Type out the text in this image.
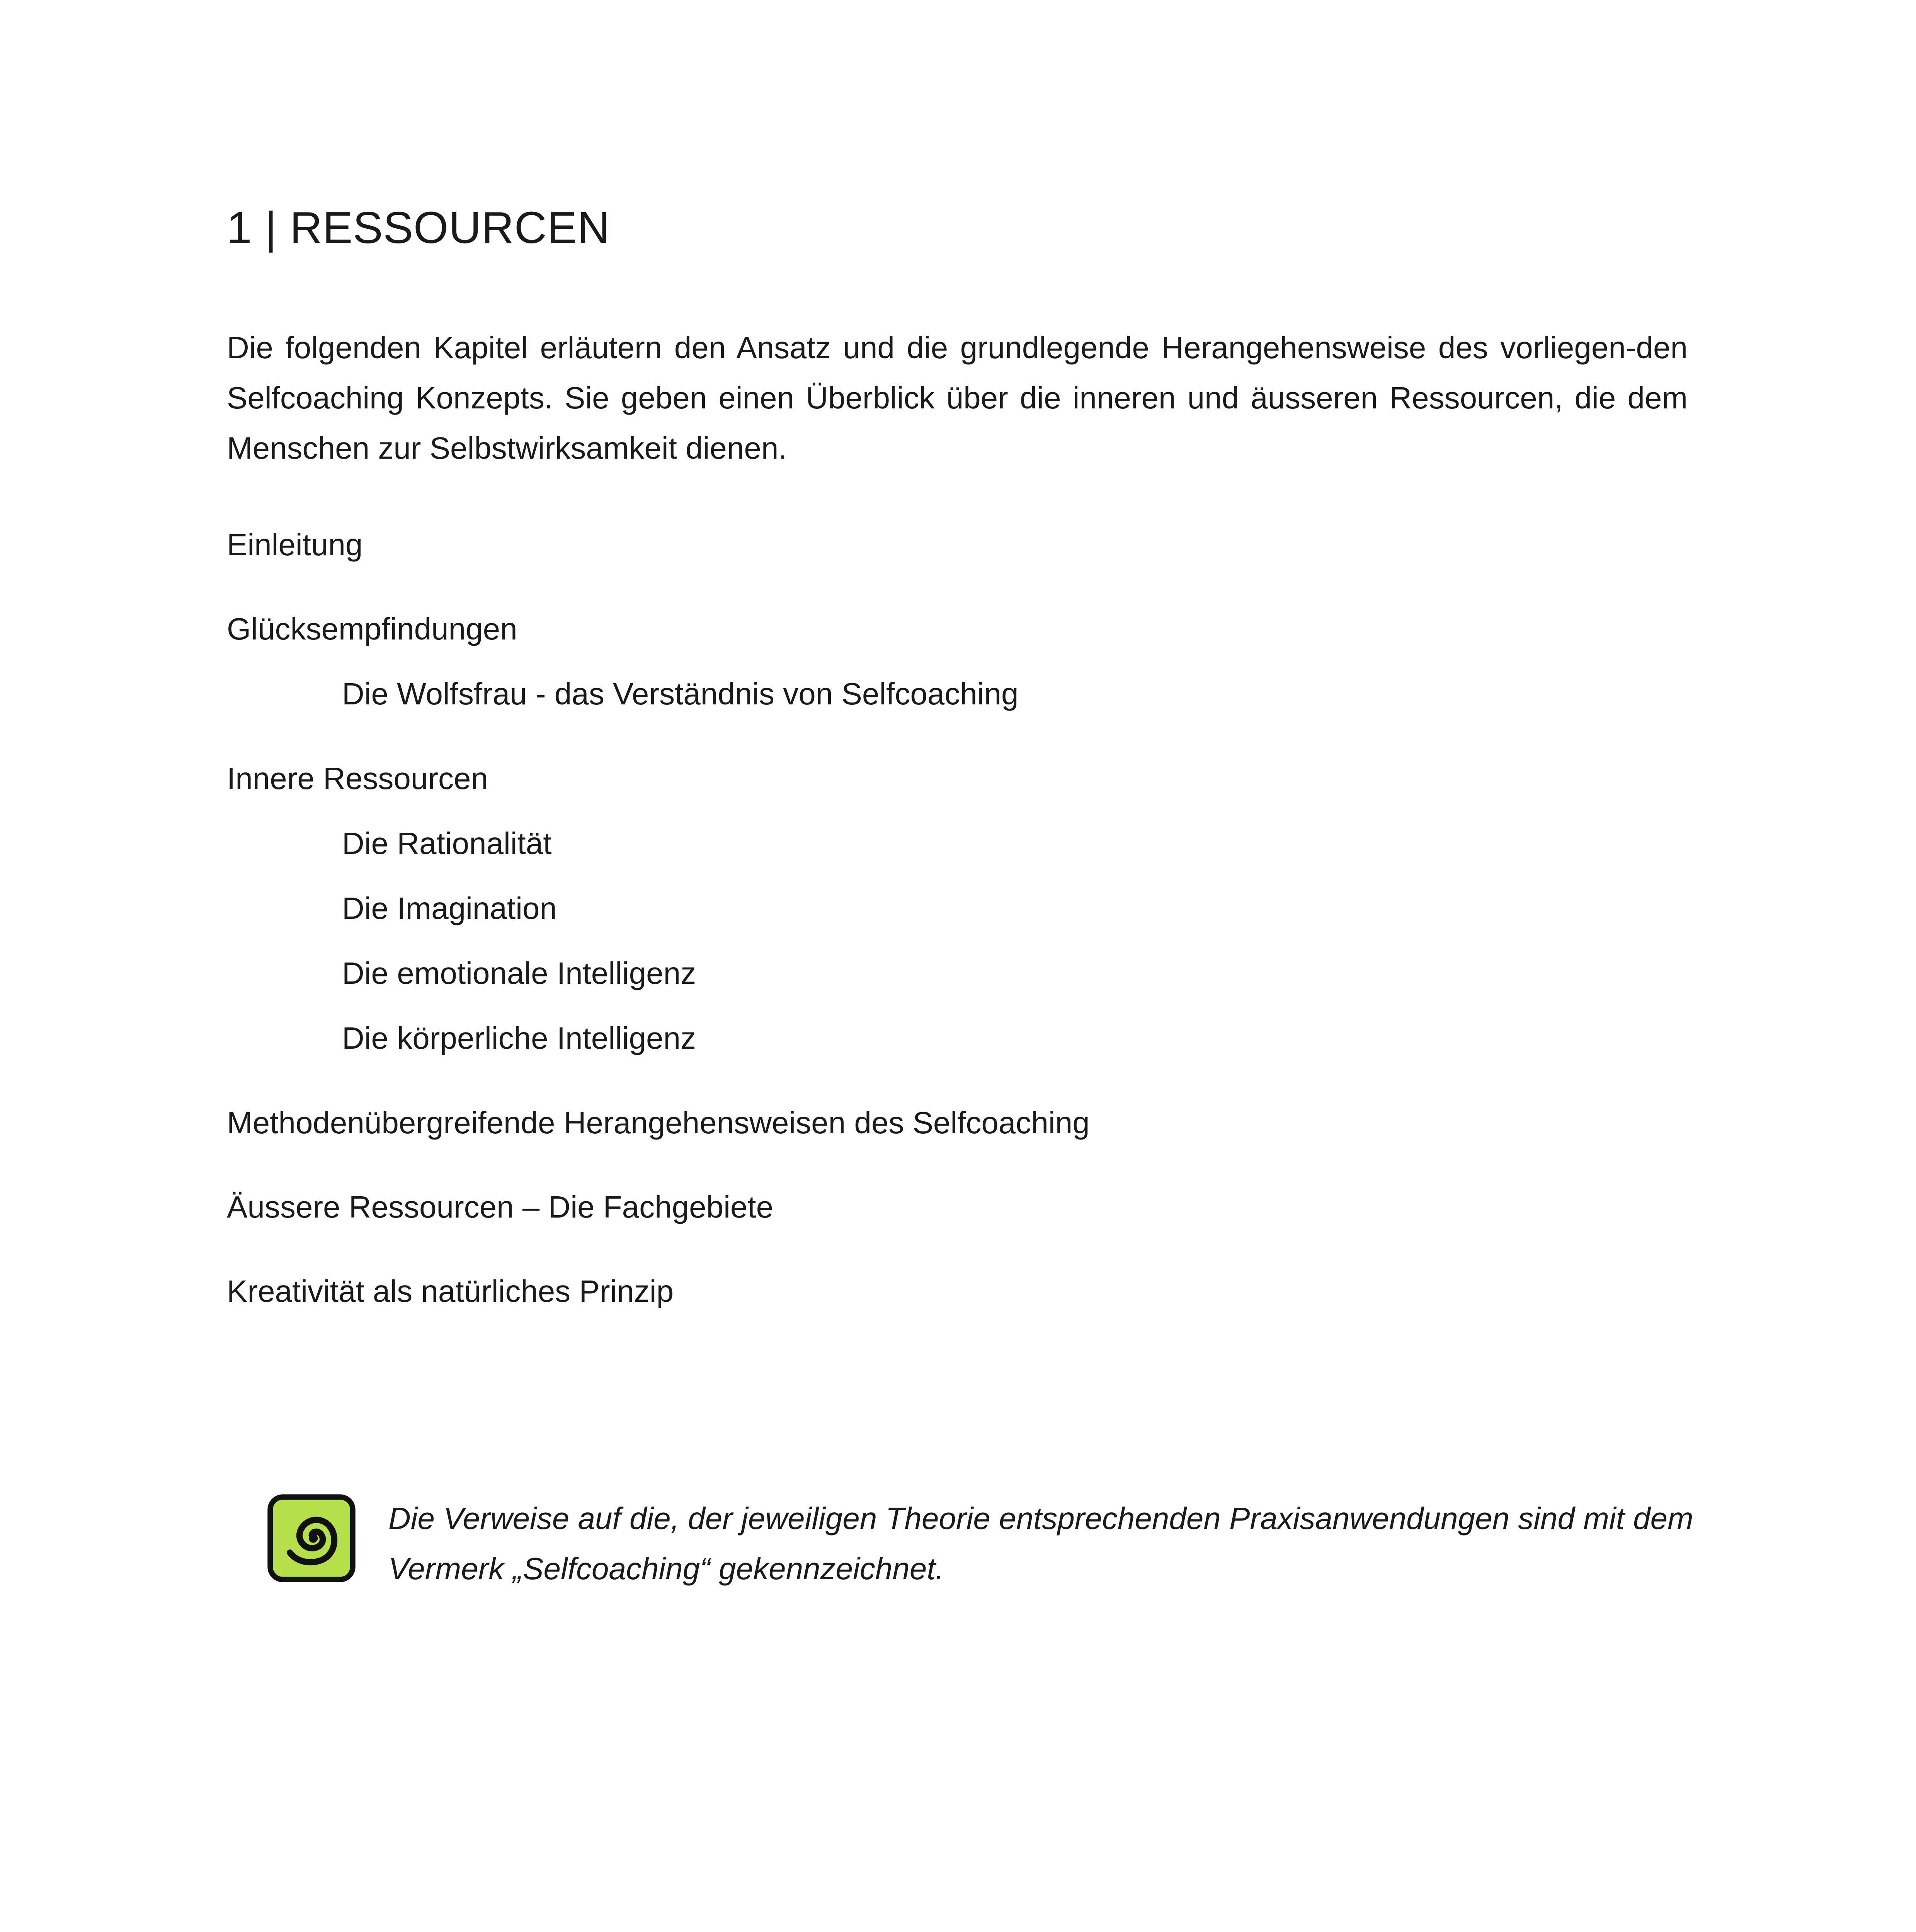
1 | RESSOURCEN

Die folgenden Kapitel erläutern den Ansatz und die grundlegende Herangehensweise des vorliegen-den Selfcoaching Konzepts. Sie geben einen Überblick über die inneren und äusseren Ressourcen, die dem Menschen zur Selbstwirksamkeit dienen.

Einleitung

Glücksempfindungen

Die Wolfsfrau - das Verständnis von Selfcoaching

Innere Ressourcen

Die Rationalität

Die Imagination

Die emotionale Intelligenz

Die körperliche Intelligenz

Methodenübergreifende Herangehensweisen des Selfcoaching

Äussere Ressourcen – Die Fachgebiete

Kreativität als natürliches Prinzip

Die Verweise auf die, der jeweiligen Theorie entsprechenden Praxisanwendungen sind mit dem Vermerk „Selfcoaching“ gekennzeichnet.
